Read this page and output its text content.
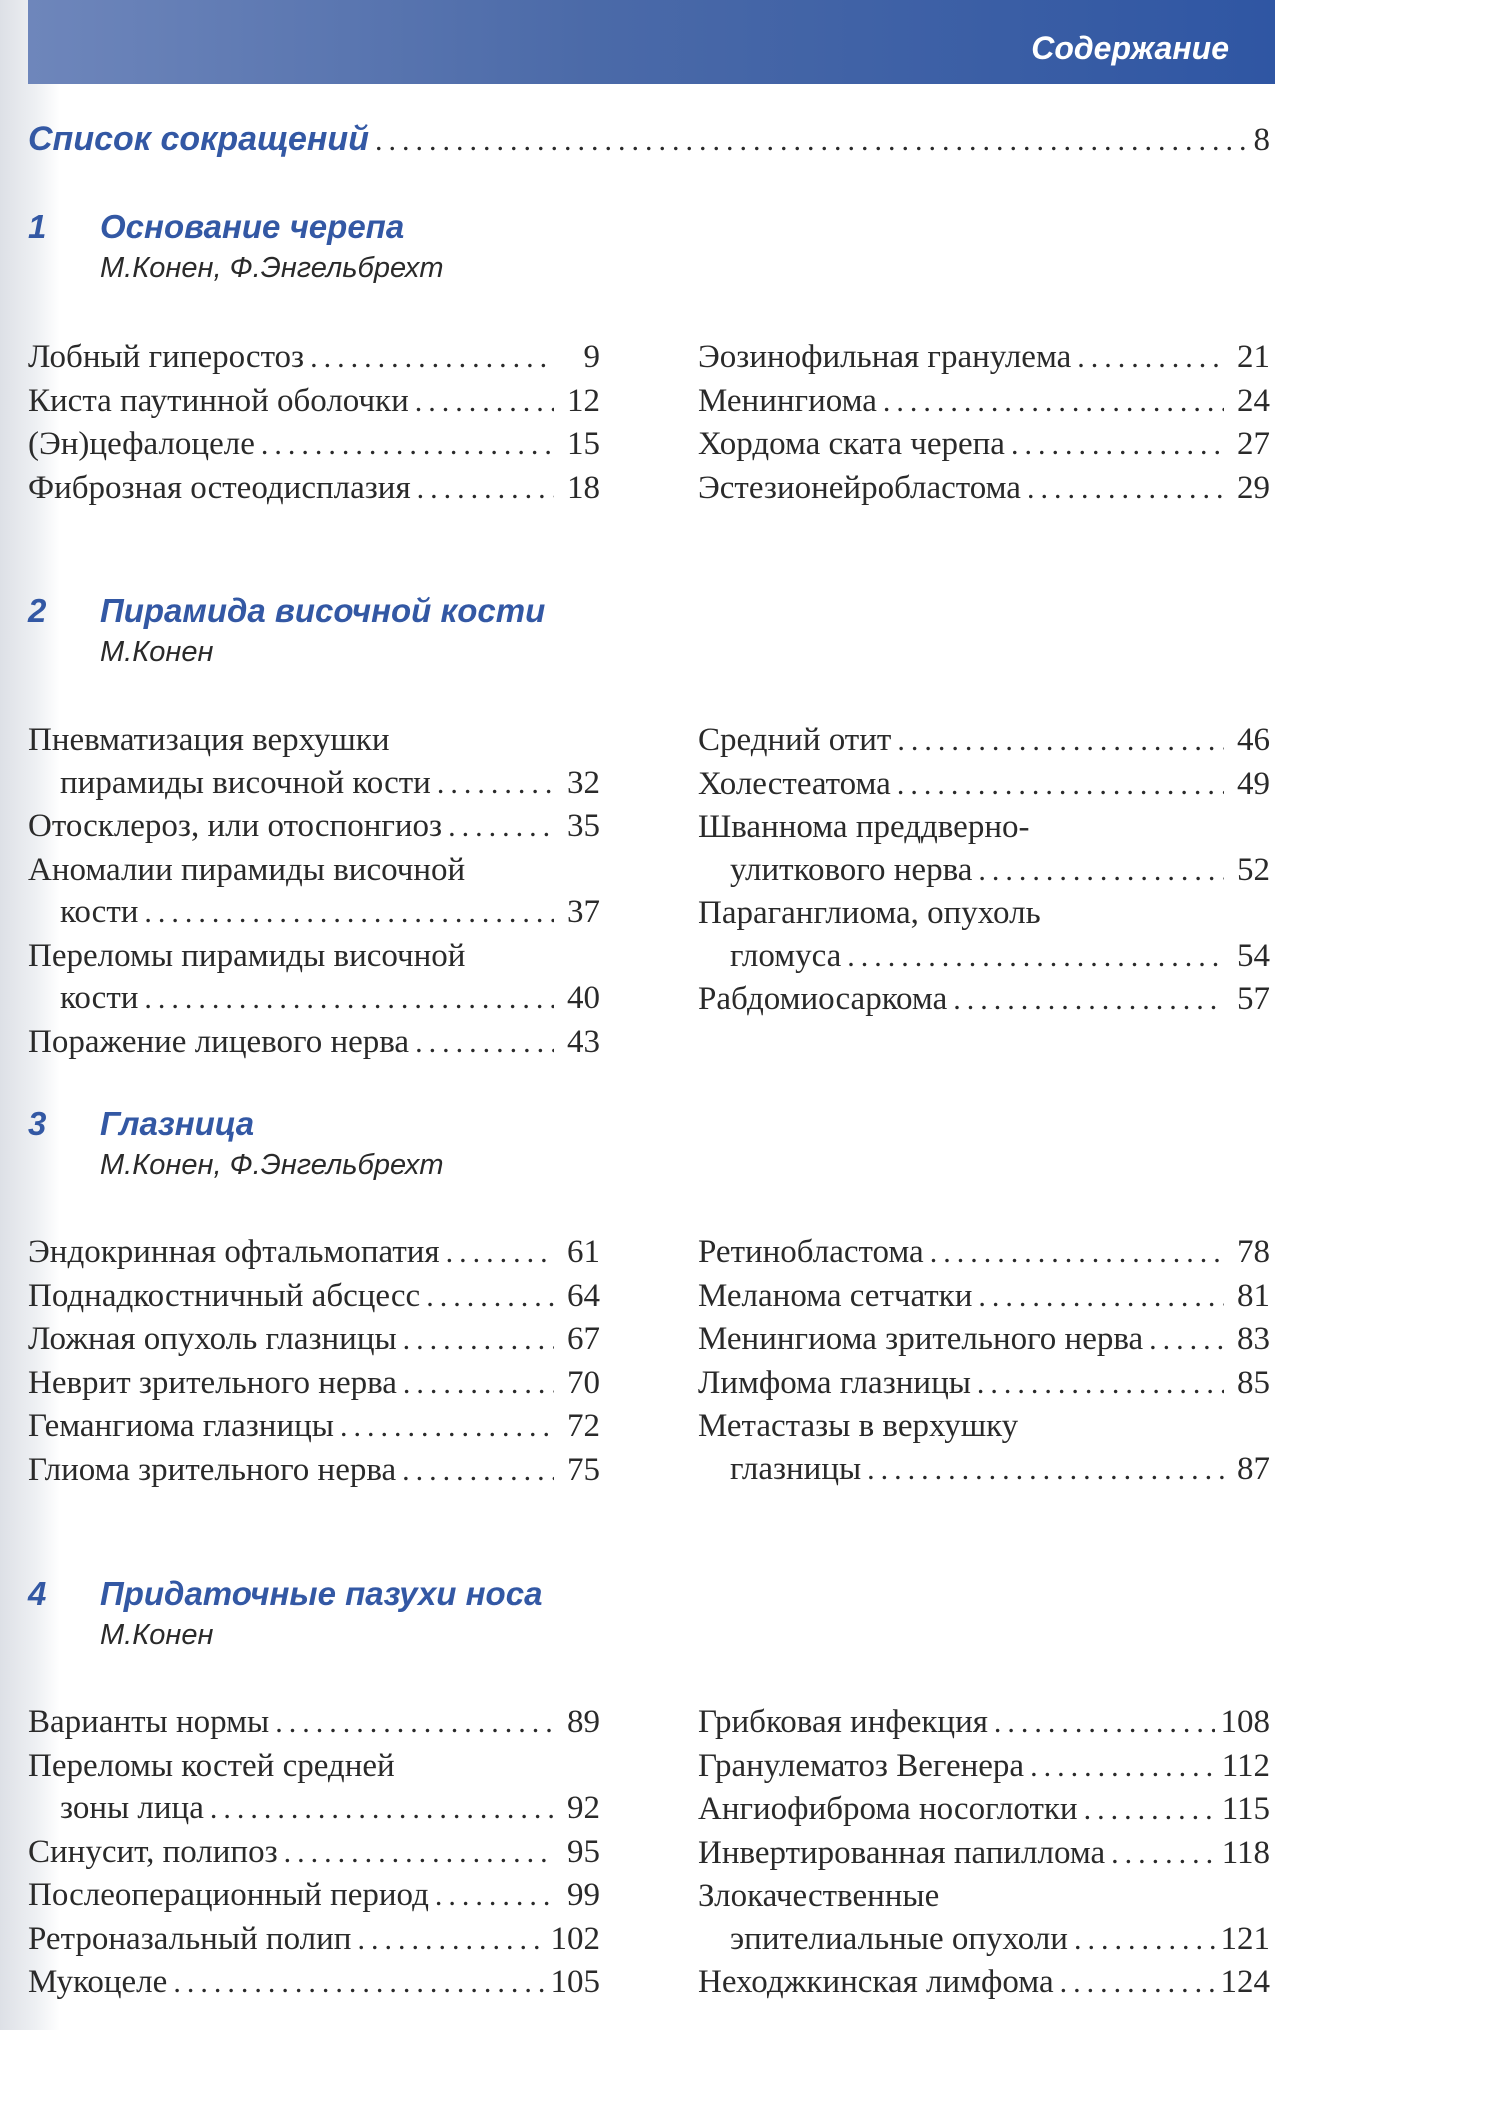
Содержание
Список сокращений .....	8
1 Основание черепа
М.Конен, Ф.Энгельбрехт
Лобный гиперостоз .....	9
Киста паутинной оболочки .....	12
(Эн)цефалоцеле .....	15
Фиброзная остеодисплазия .....	18
Эозинофильная гранулема .....	21
Менингиома .....	24
Хордома ската черепа .....	27
Эстезионейробластома .....	29
2 Пирамида височной кости
М.Конен
Пневматизация верхушки
пирамиды височной кости .....	32
Отосклероз, или отоспонгиоз .....	35
Аномалии пирамиды височной
кости .....	37
Переломы пирамиды височной
кости .....	40
Поражение лицевого нерва .....	43
Средний отит .....	46
Холестеатома .....	49
Шваннома преддверно-
улиткового нерва .....	52
Параганглиома, опухоль
гломуса .....	54
Рабдомиосаркома .....	57
3 Глазница
М.Конен, Ф.Энгельбрехт
Эндокринная офтальмопатия .....	61
Поднадкостничный абсцесс .....	64
Ложная опухоль глазницы .....	67
Неврит зрительного нерва .....	70
Гемангиома глазницы .....	72
Глиома зрительного нерва .....	75
Ретинобластома .....	78
Меланома сетчатки .....	81
Менингиома зрительного нерва .....	83
Лимфома глазницы .....	85
Метастазы в верхушку
глазницы .....	87
4 Придаточные пазухи носа
М.Конен
Варианты нормы .....	89
Переломы костей средней
зоны лица .....	92
Синусит, полипоз .....	95
Послеоперационный период .....	99
Ретроназальный полип .....	102
Мукоцеле .....	105
Грибковая инфекция .....	108
Гранулематоз Вегенера .....	112
Ангиофиброма носоглотки .....	115
Инвертированная папиллома .....	118
Злокачественные
эпителиальные опухоли .....	121
Неходжкинская лимфома .....	124
